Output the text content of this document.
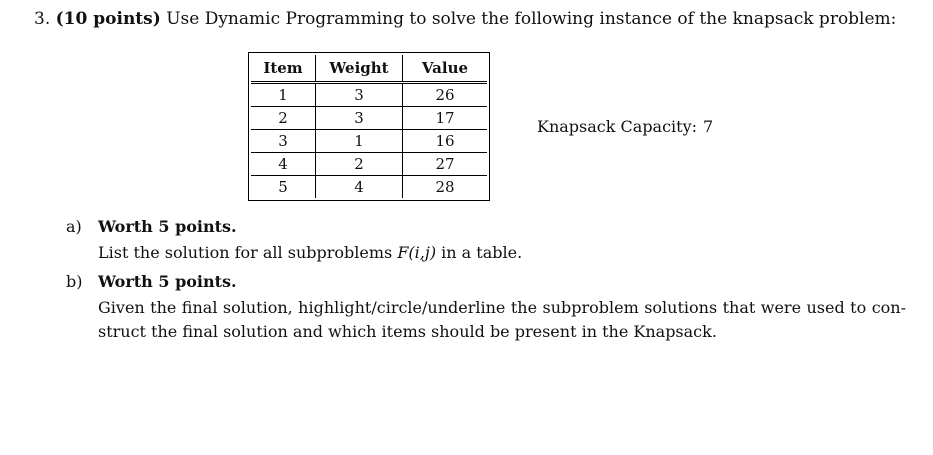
3. (10 points) Use Dynamic Programming to solve the following instance of the knapsack problem:
Item	Weight	Value
1	3	26
2	3	17
3	1	16
4	2	27
5	4	28
Knapsack Capacity: 7
a) Worth 5 points.
List the solution for all subproblems F(i,j) in a table.
b) Worth 5 points.
Given the final solution, highlight/circle/underline the subproblem solutions that were used to con-struct the final solution and which items should be present in the Knapsack.
